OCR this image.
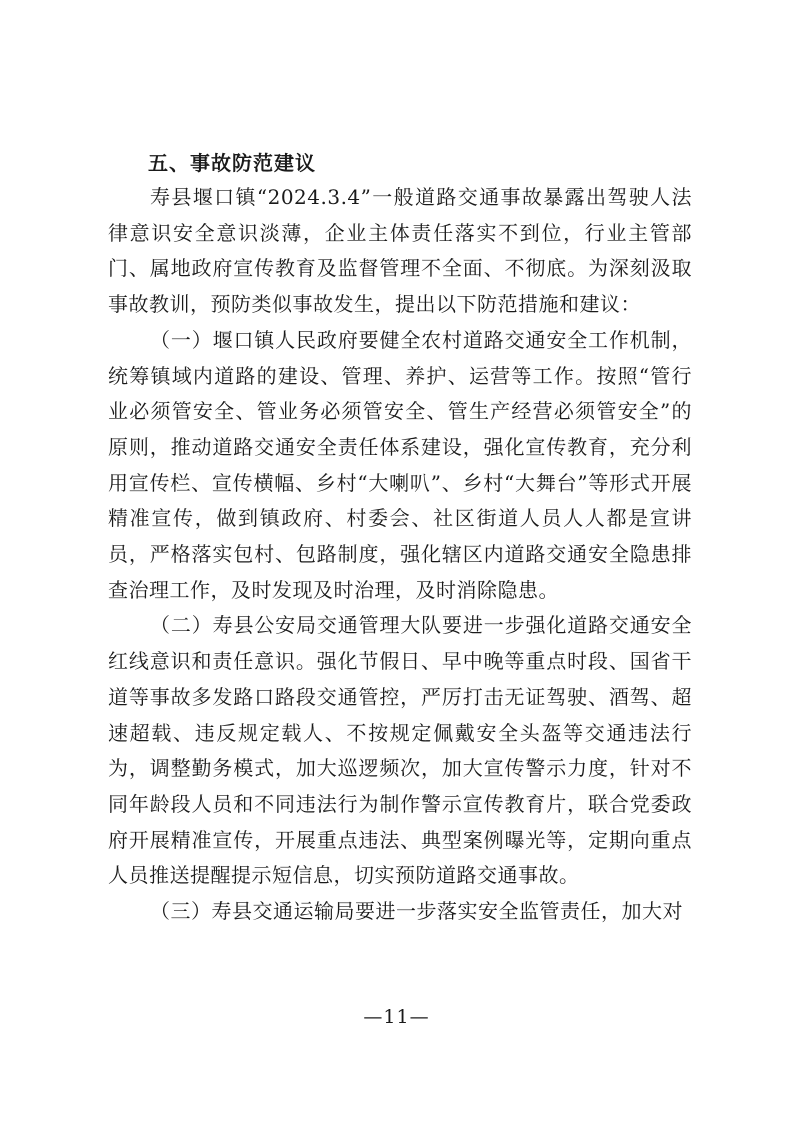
五、事故防范建议

寿县堰口镇“2024.3.4”一般道路交通事故暴露出驾驶人法律意识安全意识淡薄，企业主体责任落实不到位，行业主管部门、属地政府宣传教育及监督管理不全面、不彻底。为深刻汲取事故教训，预防类似事故发生，提出以下防范措施和建议：

（一）堰口镇人民政府要健全农村道路交通安全工作机制，统筹镇域内道路的建设、管理、养护、运营等工作。按照“管行业必须管安全、管业务必须管安全、管生产经营必须管安全”的原则，推动道路交通安全责任体系建设，强化宣传教育，充分利用宣传栏、宣传横幅、乡村“大喇叭”、乡村“大舞台”等形式开展精准宣传，做到镇政府、村委会、社区街道人员人人都是宣讲员，严格落实包村、包路制度，强化辖区内道路交通安全隐患排查治理工作，及时发现及时治理，及时消除隐患。

（二）寿县公安局交通管理大队要进一步强化道路交通安全红线意识和责任意识。强化节假日、早中晚等重点时段、国省干道等事故多发路口路段交通管控，严厉打击无证驾驶、酒驾、超速超载、违反规定载人、不按规定佩戴安全头盔等交通违法行为，调整勤务模式，加大巡逻频次，加大宣传警示力度，针对不同年龄段人员和不同违法行为制作警示宣传教育片，联合党委政府开展精准宣传，开展重点违法、典型案例曝光等，定期向重点人员推送提醒提示短信息，切实预防道路交通事故。

（三）寿县交通运输局要进一步落实安全监管责任，加大对

—11—
